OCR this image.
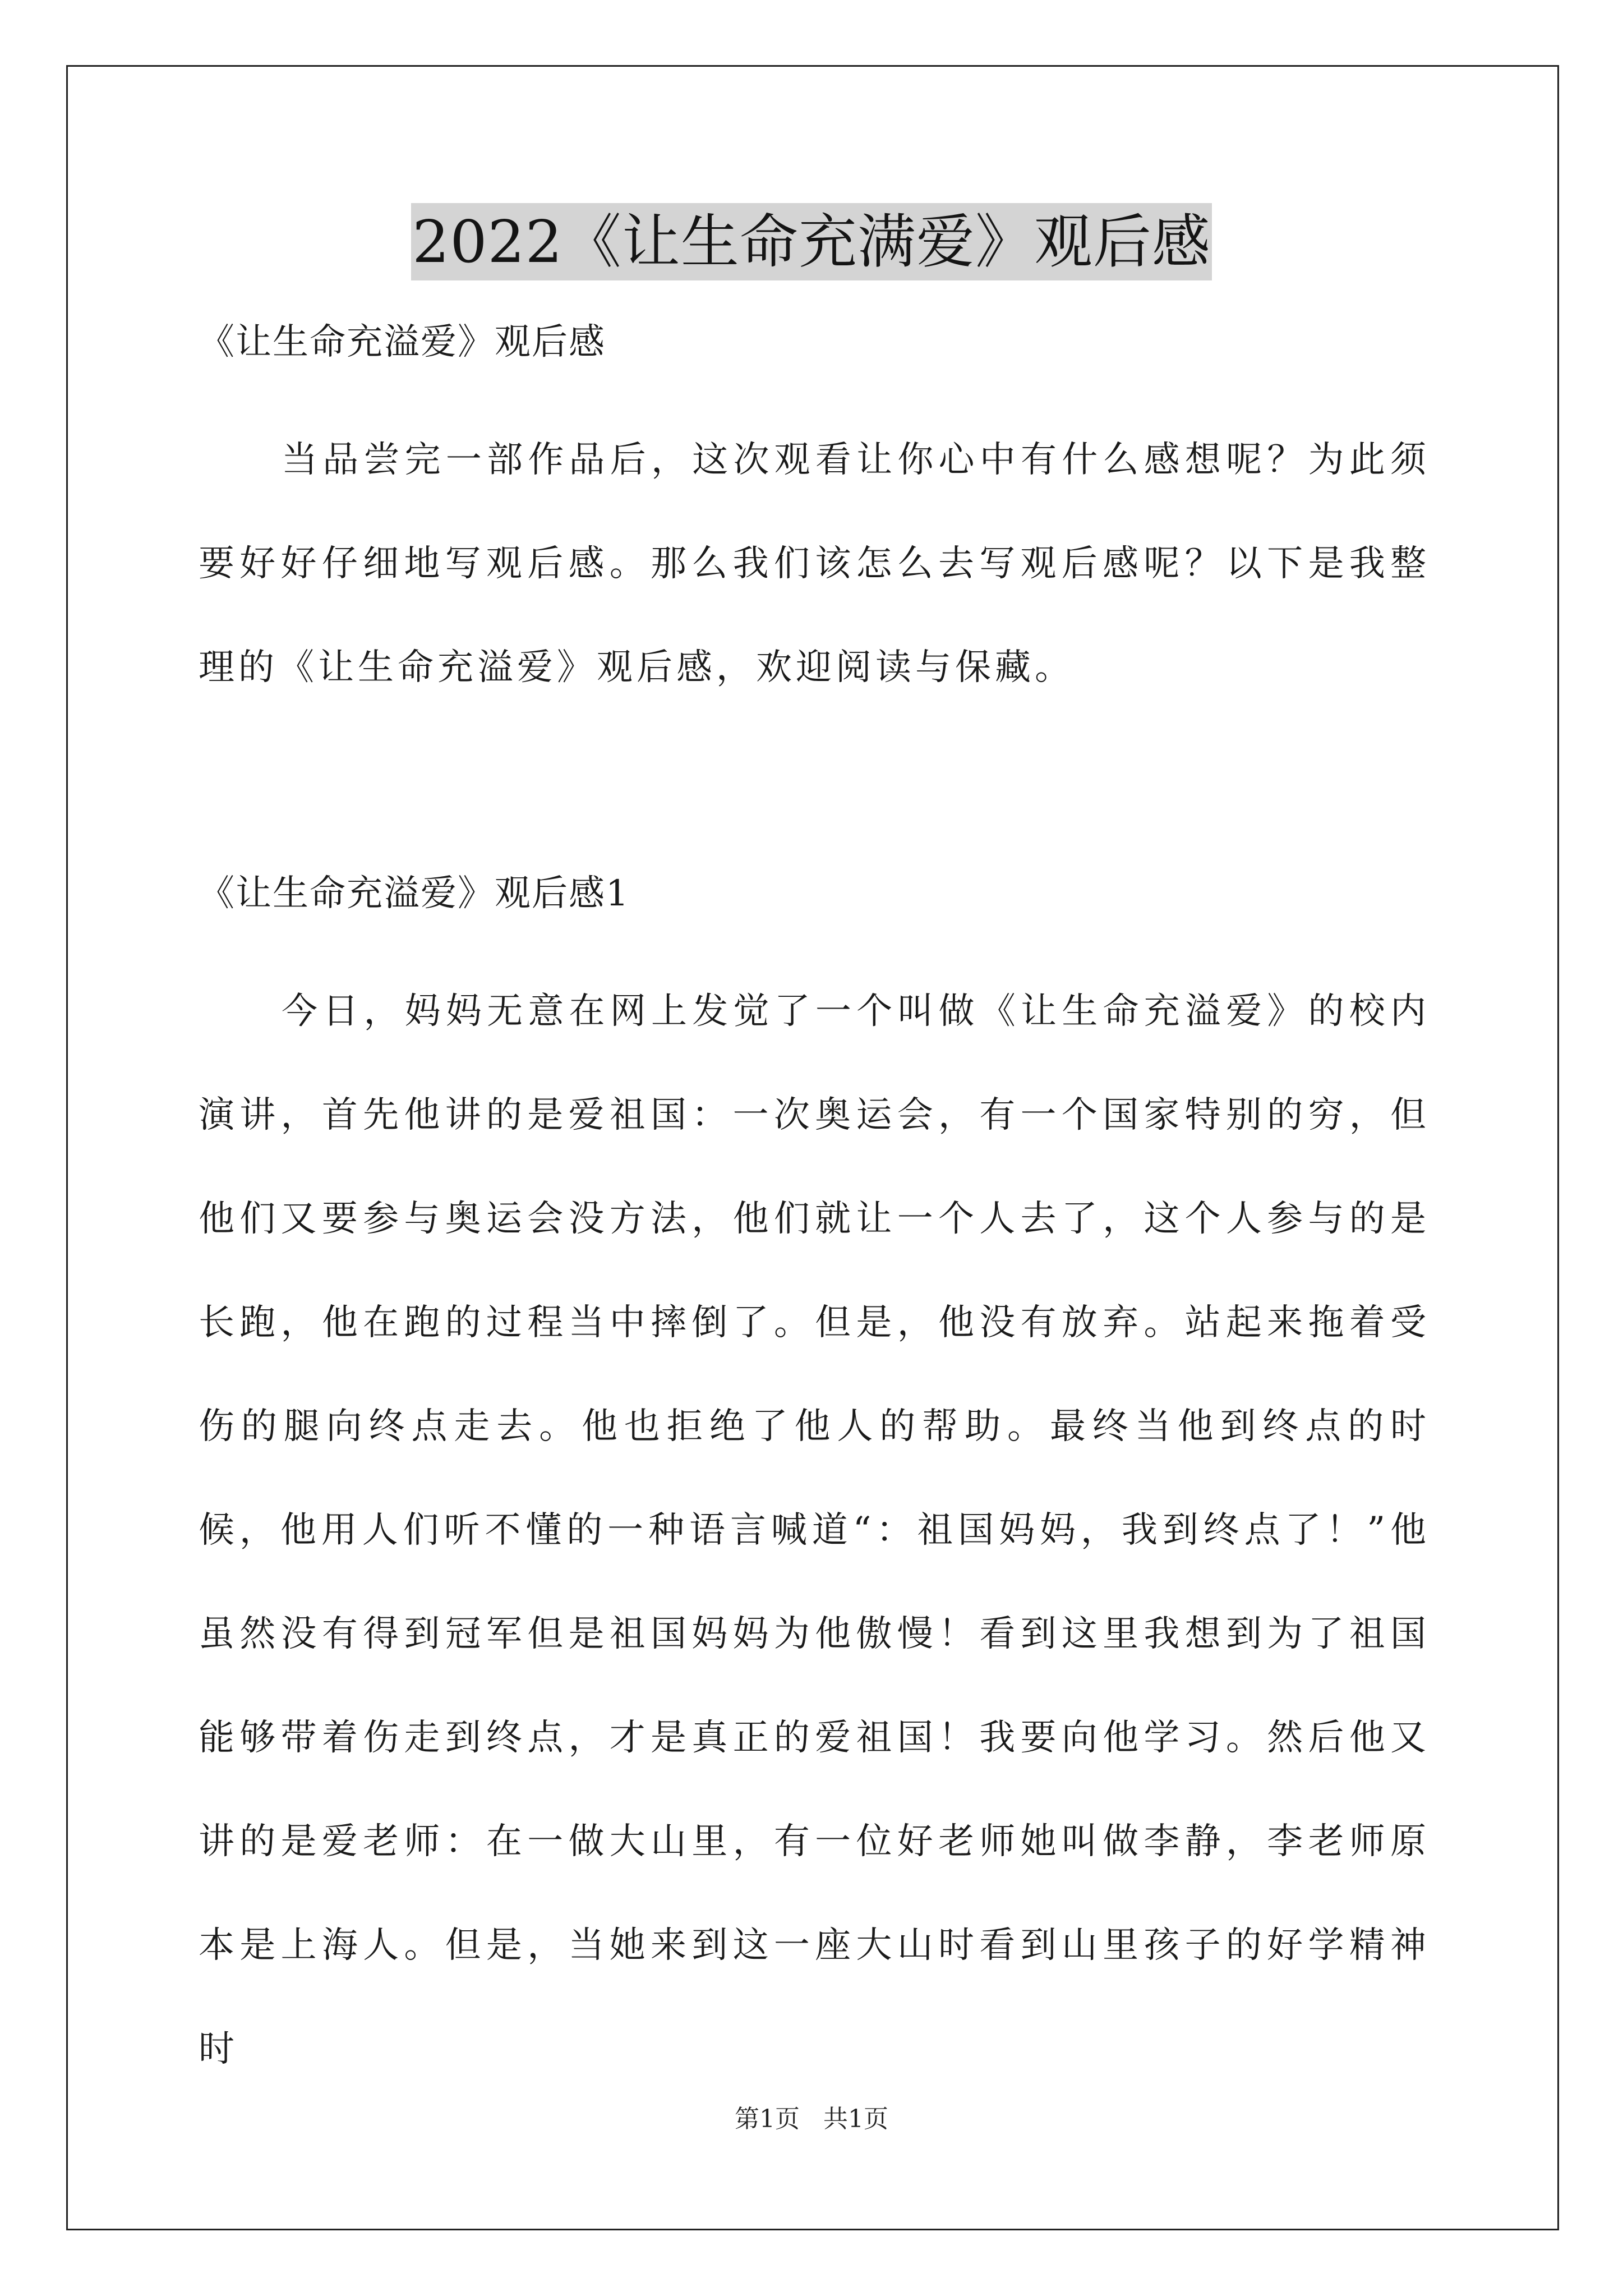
2022《让生命充满爱》观后感

《让生命充溢爱》观后感

当品尝完一部作品后，这次观看让你心中有什么感想呢？为此须要好好仔细地写观后感。那么我们该怎么去写观后感呢？以下是我整理的《让生命充溢爱》观后感，欢迎阅读与保藏。

《让生命充溢爱》观后感1

今日，妈妈无意在网上发觉了一个叫做《让生命充溢爱》的校内演讲，首先他讲的是爱祖国：一次奥运会，有一个国家特别的穷，但他们又要参与奥运会没方法，他们就让一个人去了，这个人参与的是长跑，他在跑的过程当中摔倒了。但是，他没有放弃。站起来拖着受伤的腿向终点走去。他也拒绝了他人的帮助。最终当他到终点的时候，他用人们听不懂的一种语言喊道“：祖国妈妈，我到终点了！”他虽然没有得到冠军但是祖国妈妈为他傲慢！看到这里我想到为了祖国能够带着伤走到终点，才是真正的爱祖国！我要向他学习。然后他又讲的是爱老师：在一做大山里，有一位好老师她叫做李静，李老师原本是上海人。但是，当她来到这一座大山时看到山里孩子的好学精神时

第1页   共1页
